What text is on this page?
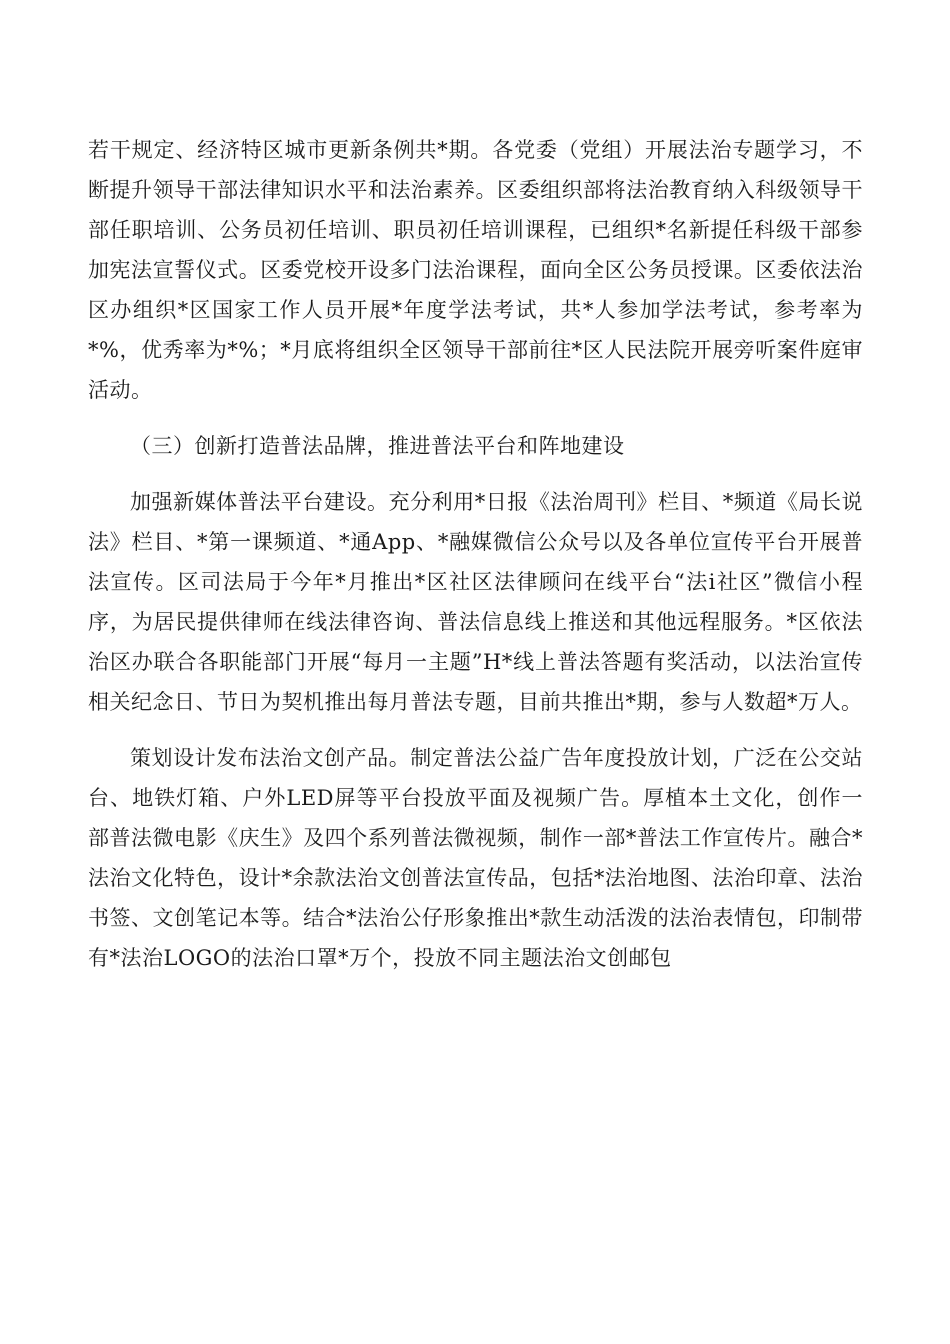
若干规定、经济特区城市更新条例共*期。各党委（党组）开展法治专题学习，不断提升领导干部法律知识水平和法治素养。区委组织部将法治教育纳入科级领导干部任职培训、公务员初任培训、职员初任培训课程，已组织*名新提任科级干部参加宪法宣誓仪式。区委党校开设多门法治课程，面向全区公务员授课。区委依法治区办组织*区国家工作人员开展*年度学法考试，共*人参加学法考试，参考率为*%，优秀率为*%；*月底将组织全区领导干部前往*区人民法院开展旁听案件庭审活动。

（三）创新打造普法品牌，推进普法平台和阵地建设

加强新媒体普法平台建设。充分利用*日报《法治周刊》栏目、*频道《局长说法》栏目、*第一课频道、*通App、*融媒微信公众号以及各单位宣传平台开展普法宣传。区司法局于今年*月推出*区社区法律顾问在线平台“法i社区”微信小程序，为居民提供律师在线法律咨询、普法信息线上推送和其他远程服务。*区依法治区办联合各职能部门开展“每月一主题”H*线上普法答题有奖活动，以法治宣传相关纪念日、节日为契机推出每月普法专题，目前共推出*期，参与人数超*万人。

策划设计发布法治文创产品。制定普法公益广告年度投放计划，广泛在公交站台、地铁灯箱、户外LED屏等平台投放平面及视频广告。厚植本土文化，创作一部普法微电影《庆生》及四个系列普法微视频，制作一部*普法工作宣传片。融合*法治文化特色，设计*余款法治文创普法宣传品，包括*法治地图、法治印章、法治书签、文创笔记本等。结合*法治公仔形象推出*款生动活泼的法治表情包，印制带有*法治LOGO的法治口罩*万个，投放不同主题法治文创邮包
